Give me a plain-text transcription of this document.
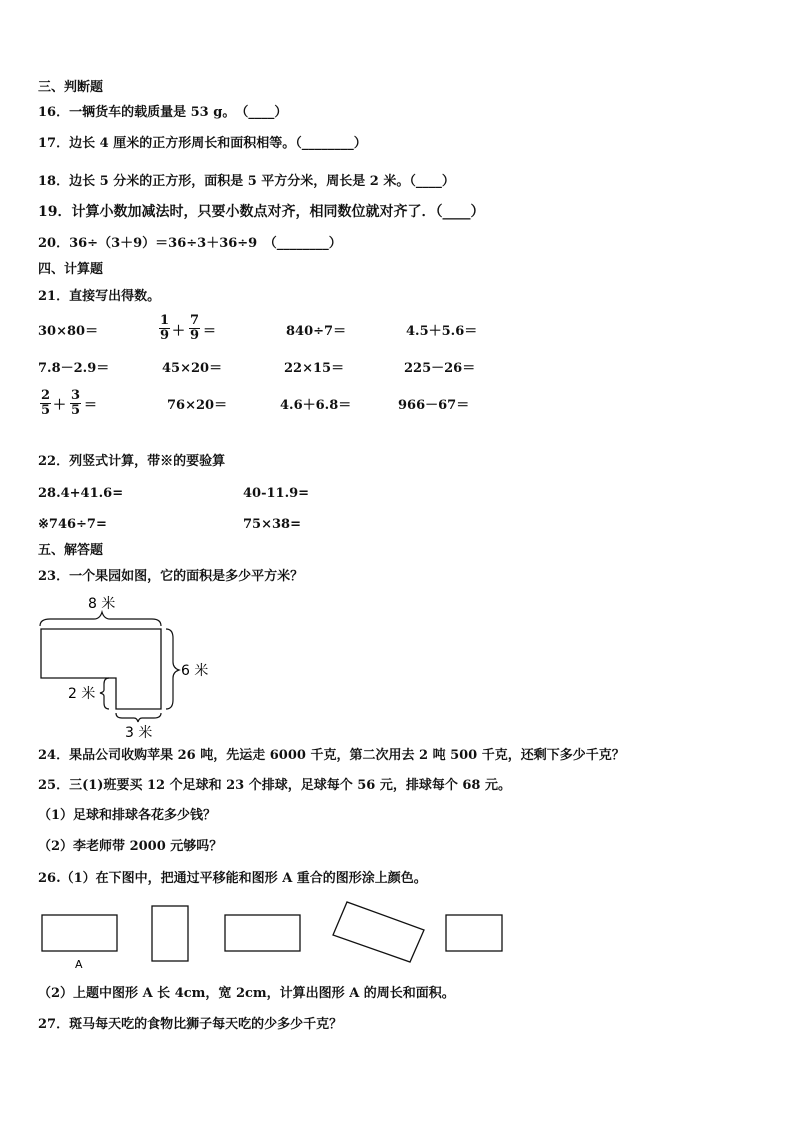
三、判断题
16．一辆货车的载质量是 53 g。　（____）
17．边长 4 厘米的正方形周长和面积相等。（________）
18．边长 5 分米的正方形，面积是 5 平方分米，周长是 2 米。（____）
19．计算小数加减法时，只要小数点对齐，相同数位就对齐了．（____）
20．36÷（3＋9）＝36÷3＋36÷9　（________）
四、计算题
21．直接写出得数。
30×80＝	$\frac{1}{9} + \frac{7}{9}$ ＝	840÷7＝	4.5＋5.6＝
7.8－2.9＝	45×20＝	22×15＝	225－26＝
$\frac{2}{5} + \frac{3}{5}$ ＝	76×20＝	4.6＋6.8＝	966－67＝
22．列竖式计算，带※的要验算
28.4+41.6=	40-11.9=
※746÷7=	75×38=
五、解答题
23．一个果园如图，它的面积是多少平方米？
8 米
6 米
2 米
3 米
24．果品公司收购苹果 26 吨，先运走 6000 千克，第二次用去 2 吨 500 千克，还剩下多少千克？
25．三(1)班要买 12 个足球和 23 个排球，足球每个 56 元，排球每个 68 元。
（1）足球和排球各花多少钱？
（2）李老师带 2000 元够吗？
26.（1）在下图中，把通过平移能和图形 A 重合的图形涂上颜色。
A
（2）上题中图形 A 长 4cm，宽 2cm，计算出图形 A 的周长和面积。
27．斑马每天吃的食物比狮子每天吃的少多少千克？
